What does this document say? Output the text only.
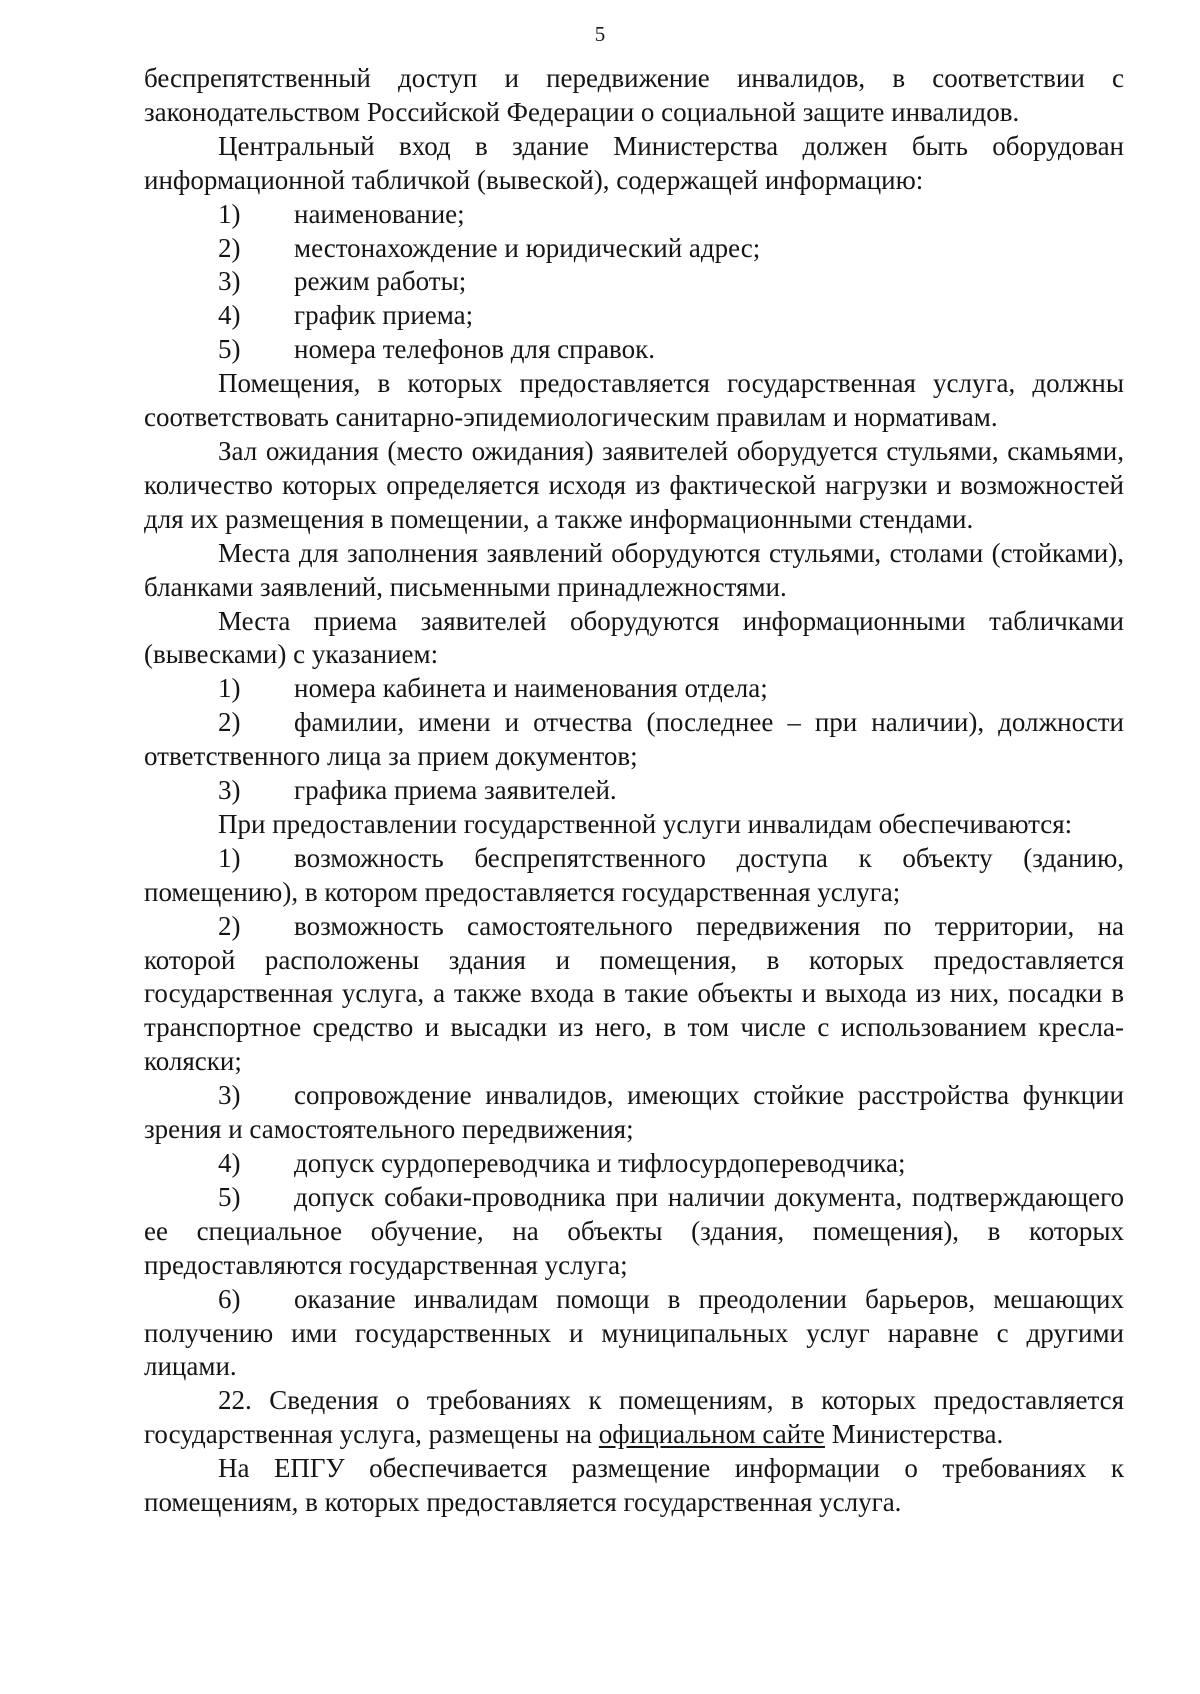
5

беспрепятственный доступ и передвижение инвалидов, в соответствии с законодательством Российской Федерации о социальной защите инвалидов.

Центральный вход в здание Министерства должен быть оборудован информационной табличкой (вывеской), содержащей информацию:

1) наименование;

2) местонахождение и юридический адрес;

3) режим работы;

4) график приема;

5) номера телефонов для справок.

Помещения, в которых предоставляется государственная услуга, должны соответствовать санитарно-эпидемиологическим правилам и нормативам.

Зал ожидания (место ожидания) заявителей оборудуется стульями, скамьями, количество которых определяется исходя из фактической нагрузки и возможностей для их размещения в помещении, а также информационными стендами.

Места для заполнения заявлений оборудуются стульями, столами (стойками), бланками заявлений, письменными принадлежностями.

Места приема заявителей оборудуются информационными табличками (вывесками) с указанием:

1) номера кабинета и наименования отдела;

2) фамилии, имени и отчества (последнее – при наличии), должности ответственного лица за прием документов;

3) графика приема заявителей.

При предоставлении государственной услуги инвалидам обеспечиваются:

1) возможность беспрепятственного доступа к объекту (зданию, помещению), в котором предоставляется государственная услуга;

2) возможность самостоятельного передвижения по территории, на которой расположены здания и помещения, в которых предоставляется государственная услуга, а также входа в такие объекты и выхода из них, посадки в транспортное средство и высадки из него, в том числе с использованием кресла-коляски;

3) сопровождение инвалидов, имеющих стойкие расстройства функции зрения и самостоятельного передвижения;

4) допуск сурдопереводчика и тифлосурдопереводчика;

5) допуск собаки-проводника при наличии документа, подтверждающего ее специальное обучение, на объекты (здания, помещения), в которых предоставляются государственная услуга;

6) оказание инвалидам помощи в преодолении барьеров, мешающих получению ими государственных и муниципальных услуг наравне с другими лицами.

22. Сведения о требованиях к помещениям, в которых предоставляется государственная услуга, размещены на официальном сайте Министерства.

На ЕПГУ обеспечивается размещение информации о требованиях к помещениям, в которых предоставляется государственная услуга.
